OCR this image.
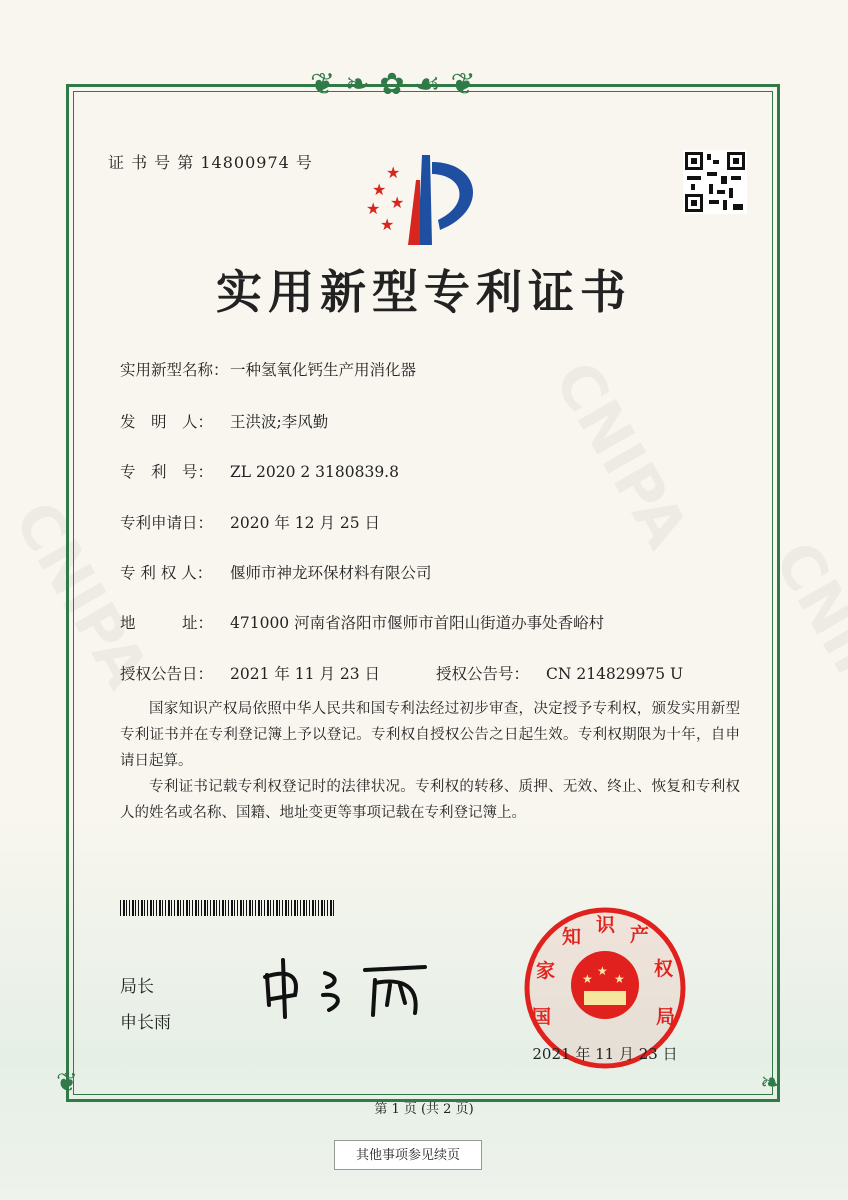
❦ ❧ ✿ ☙ ❦
❦	❧
证 书 号 第 14800974 号
★
★
★
★
★
实用新型专利证书
实用新型名称：一种氢氧化钙生产用消化器
发　明　人： 王洪波;李风勤
专　利　号： ZL 2020 2 3180839.8
专利申请日： 2020 年 12 月 25 日
专 利 权 人： 偃师市神龙环保材料有限公司
地　　　址： 471000 河南省洛阳市偃师市首阳山街道办事处香峪村
授权公告日： 2021 年 11 月 23 日	授权公告号： CN 214829975 U

国家知识产权局依照中华人民共和国专利法经过初步审查，决定授予专利权，颁发实用新型专利证书并在专利登记簿上予以登记。专利权自授权公告之日起生效。专利权期限为十年，自申请日起算。

专利证书记载专利权登记时的法律状况。专利权的转移、质押、无效、终止、恢复和专利权人的姓名或名称、国籍、地址变更等事项记载在专利登记簿上。

局长
申长雨
★
★ ★
国
家
知
识 产
权
局
2021 年 11 月 23 日
第 1 页 (共 2 页)
其他事项参见续页
